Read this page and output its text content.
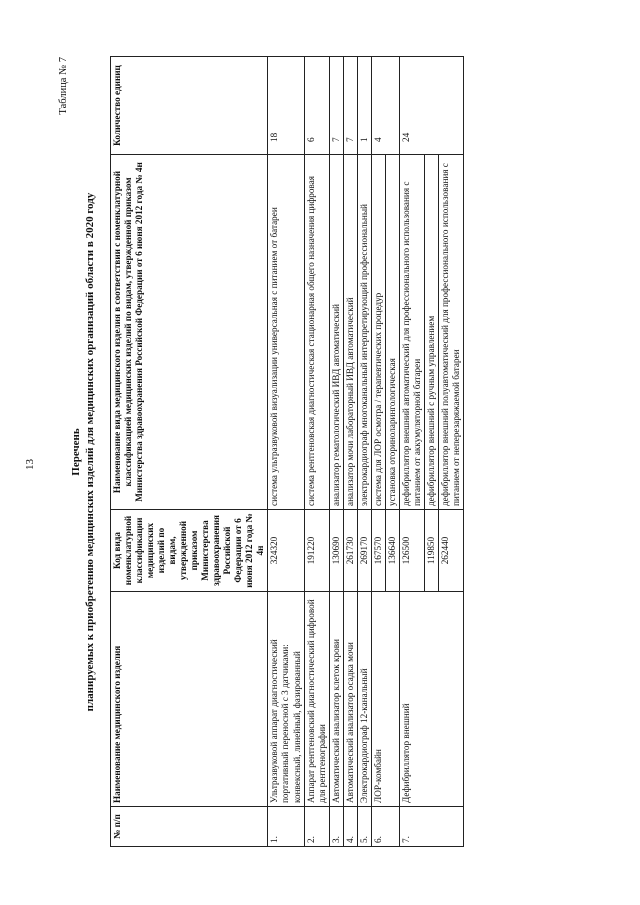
13
Таблица № 7
Перечень планируемых к приобретению медицинских изделий для медицинских организаций области в 2020 году
№ п/п	Наименование медицинского изделия	Код вида номенклатурной классификации медицинских изделий по видам, утвержденной приказом Министерства здравоохранения Российской Федерации от 6 июня 2012 года № 4н	Наименование вида медицинского изделия в соответствии с номенклатурной классификацией медицинских изделий по видам, утвержденной приказом Министерства здравоохранения Российской Федерации от 6 июня 2012 года № 4н	Количество единиц
1.	Ультразвуковой аппарат диагностический портативный переносной с 3 датчиками: конвексный, линейный, фазированный	324320	система ультразвуковой визуализации универсальная с питанием от батареи	18
2.	Аппарат рентгеновский диагностический цифровой для рентгенографии	191220	система рентгеновская диагностическая стационарная общего назначения цифровая	6
3.	Автоматический анализатор клеток крови	130690	анализатор гематологический ИВД автоматический	7
4.	Автоматический анализатор осадка мочи	261730	анализатор мочи лабораторный ИВД автоматический	7
5.	Электрокардиограф 12-канальный	269170	электрокардиограф многоканальный интерпретирующий профессиональный	1
6.	ЛОР-комбайн	167570	система для ЛОР осмотра / терапевтических процедур	4
		136640	установка оториноларингологическая	
7.	Дефибриллятор внешний	126500	дефибриллятор внешний автоматический для профессионального использования с питанием от аккумуляторной батареи	24
		119850	дефибриллятор внешний с ручным управлением	
		262440	дефибриллятор внешний полуавтоматический для профессионального использования с питанием от неперезаряжаемой батареи	
